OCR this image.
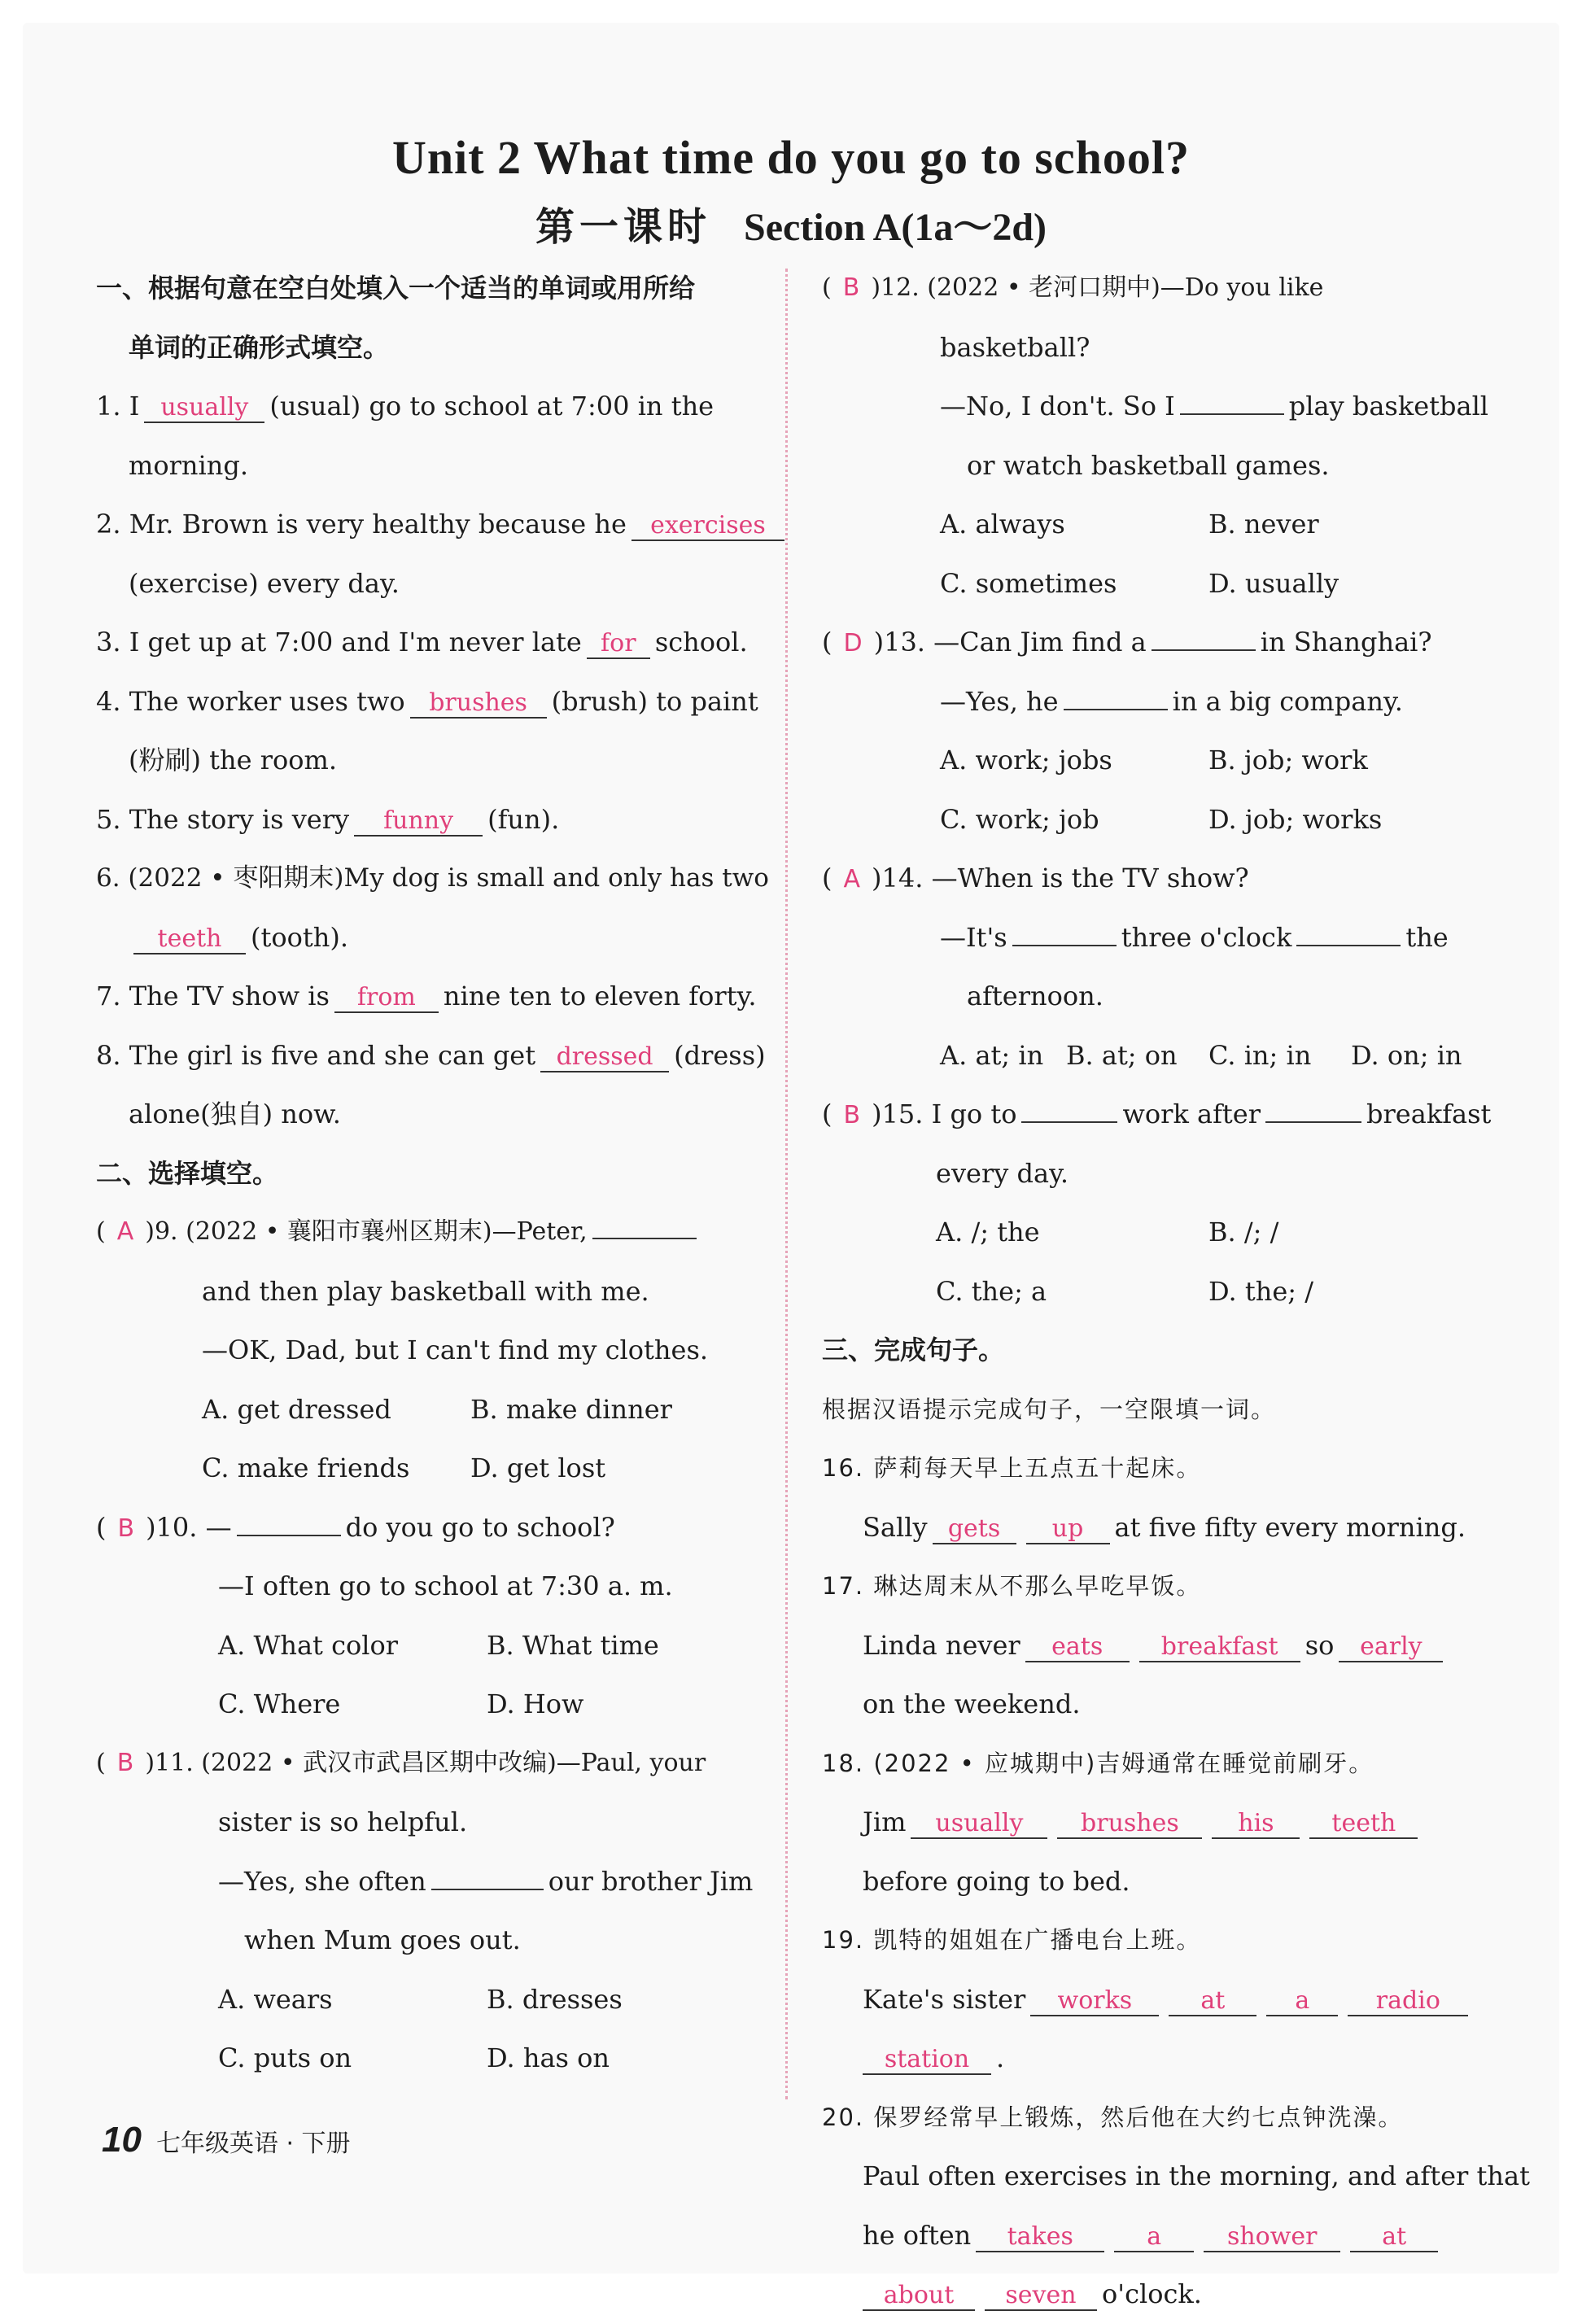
Unit 2 What time do you go to school?
第一课时 Section A(1a～2d)
一、根据句意在空白处填入一个适当的单词或用所给
单词的正确形式填空。
1. I usually (usual) go to school at 7:00 in the
morning.
2. Mr. Brown is very healthy because he exercises
(exercise) every day.
3. I get up at 7:00 and I'm never late for school.
4. The worker uses two brushes (brush) to paint
(粉刷) the room.
5. The story is very funny (fun).
6. (2022 • 枣阳期末)My dog is small and only has two
teeth (tooth).
7. The TV show is from nine ten to eleven forty.
8. The girl is five and she can get dressed (dress)
alone(独自) now.
二、选择填空。
( A )9. (2022 • 襄阳市襄州区期末)—Peter,
and then play basketball with me.
—OK, Dad, but I can't find my clothes.
A. get dressed	B. make dinner
C. make friends D. get lost
( B )10. —	do you go to school?
—I often go to school at 7:30 a. m.
A. What color	B. What time
C. Where	D. How
( B )11. (2022 • 武汉市武昌区期中改编)—Paul, your
sister is so helpful.
—Yes, she often	our brother Jim
when Mum goes out.
A. wears	B. dresses
C. puts on	D. has on
( B )12. (2022 • 老河口期中)—Do you like
basketball?
—No, I don't. So I	play basketball
or watch basketball games.
A. always	B. never
C. sometimes	D. usually
( D )13. —Can Jim find a	in Shanghai?
—Yes, he	in a big company.
A. work; jobs	B. job; work
C. work; job	D. job; works
( A )14. —When is the TV show?
—It's	three o'clock	the
afternoon.
A. at; in B. at; on C. in; in D. on; in
( B )15. I go to	work after	breakfast
every day.
A. /; the	B. /; /
C. the; a	D. the; /
三、完成句子。
根据汉语提示完成句子，一空限填一词。
16. 萨莉每天早上五点五十起床。
Sally gets up at five fifty every morning.
17. 琳达周末从不那么早吃早饭。
Linda never eats breakfast so early
on the weekend.
18. (2022 • 应城期中)吉姆通常在睡觉前刷牙。
Jim usually brushes his teeth
before going to bed.
19. 凯特的姐姐在广播电台上班。
Kate's sister works	at	a	radio
station .
20. 保罗经常早上锻炼，然后他在大约七点钟洗澡。
Paul often exercises in the morning, and after that
he often takes	a	shower	at
about seven o'clock.
10 七年级英语 · 下册
